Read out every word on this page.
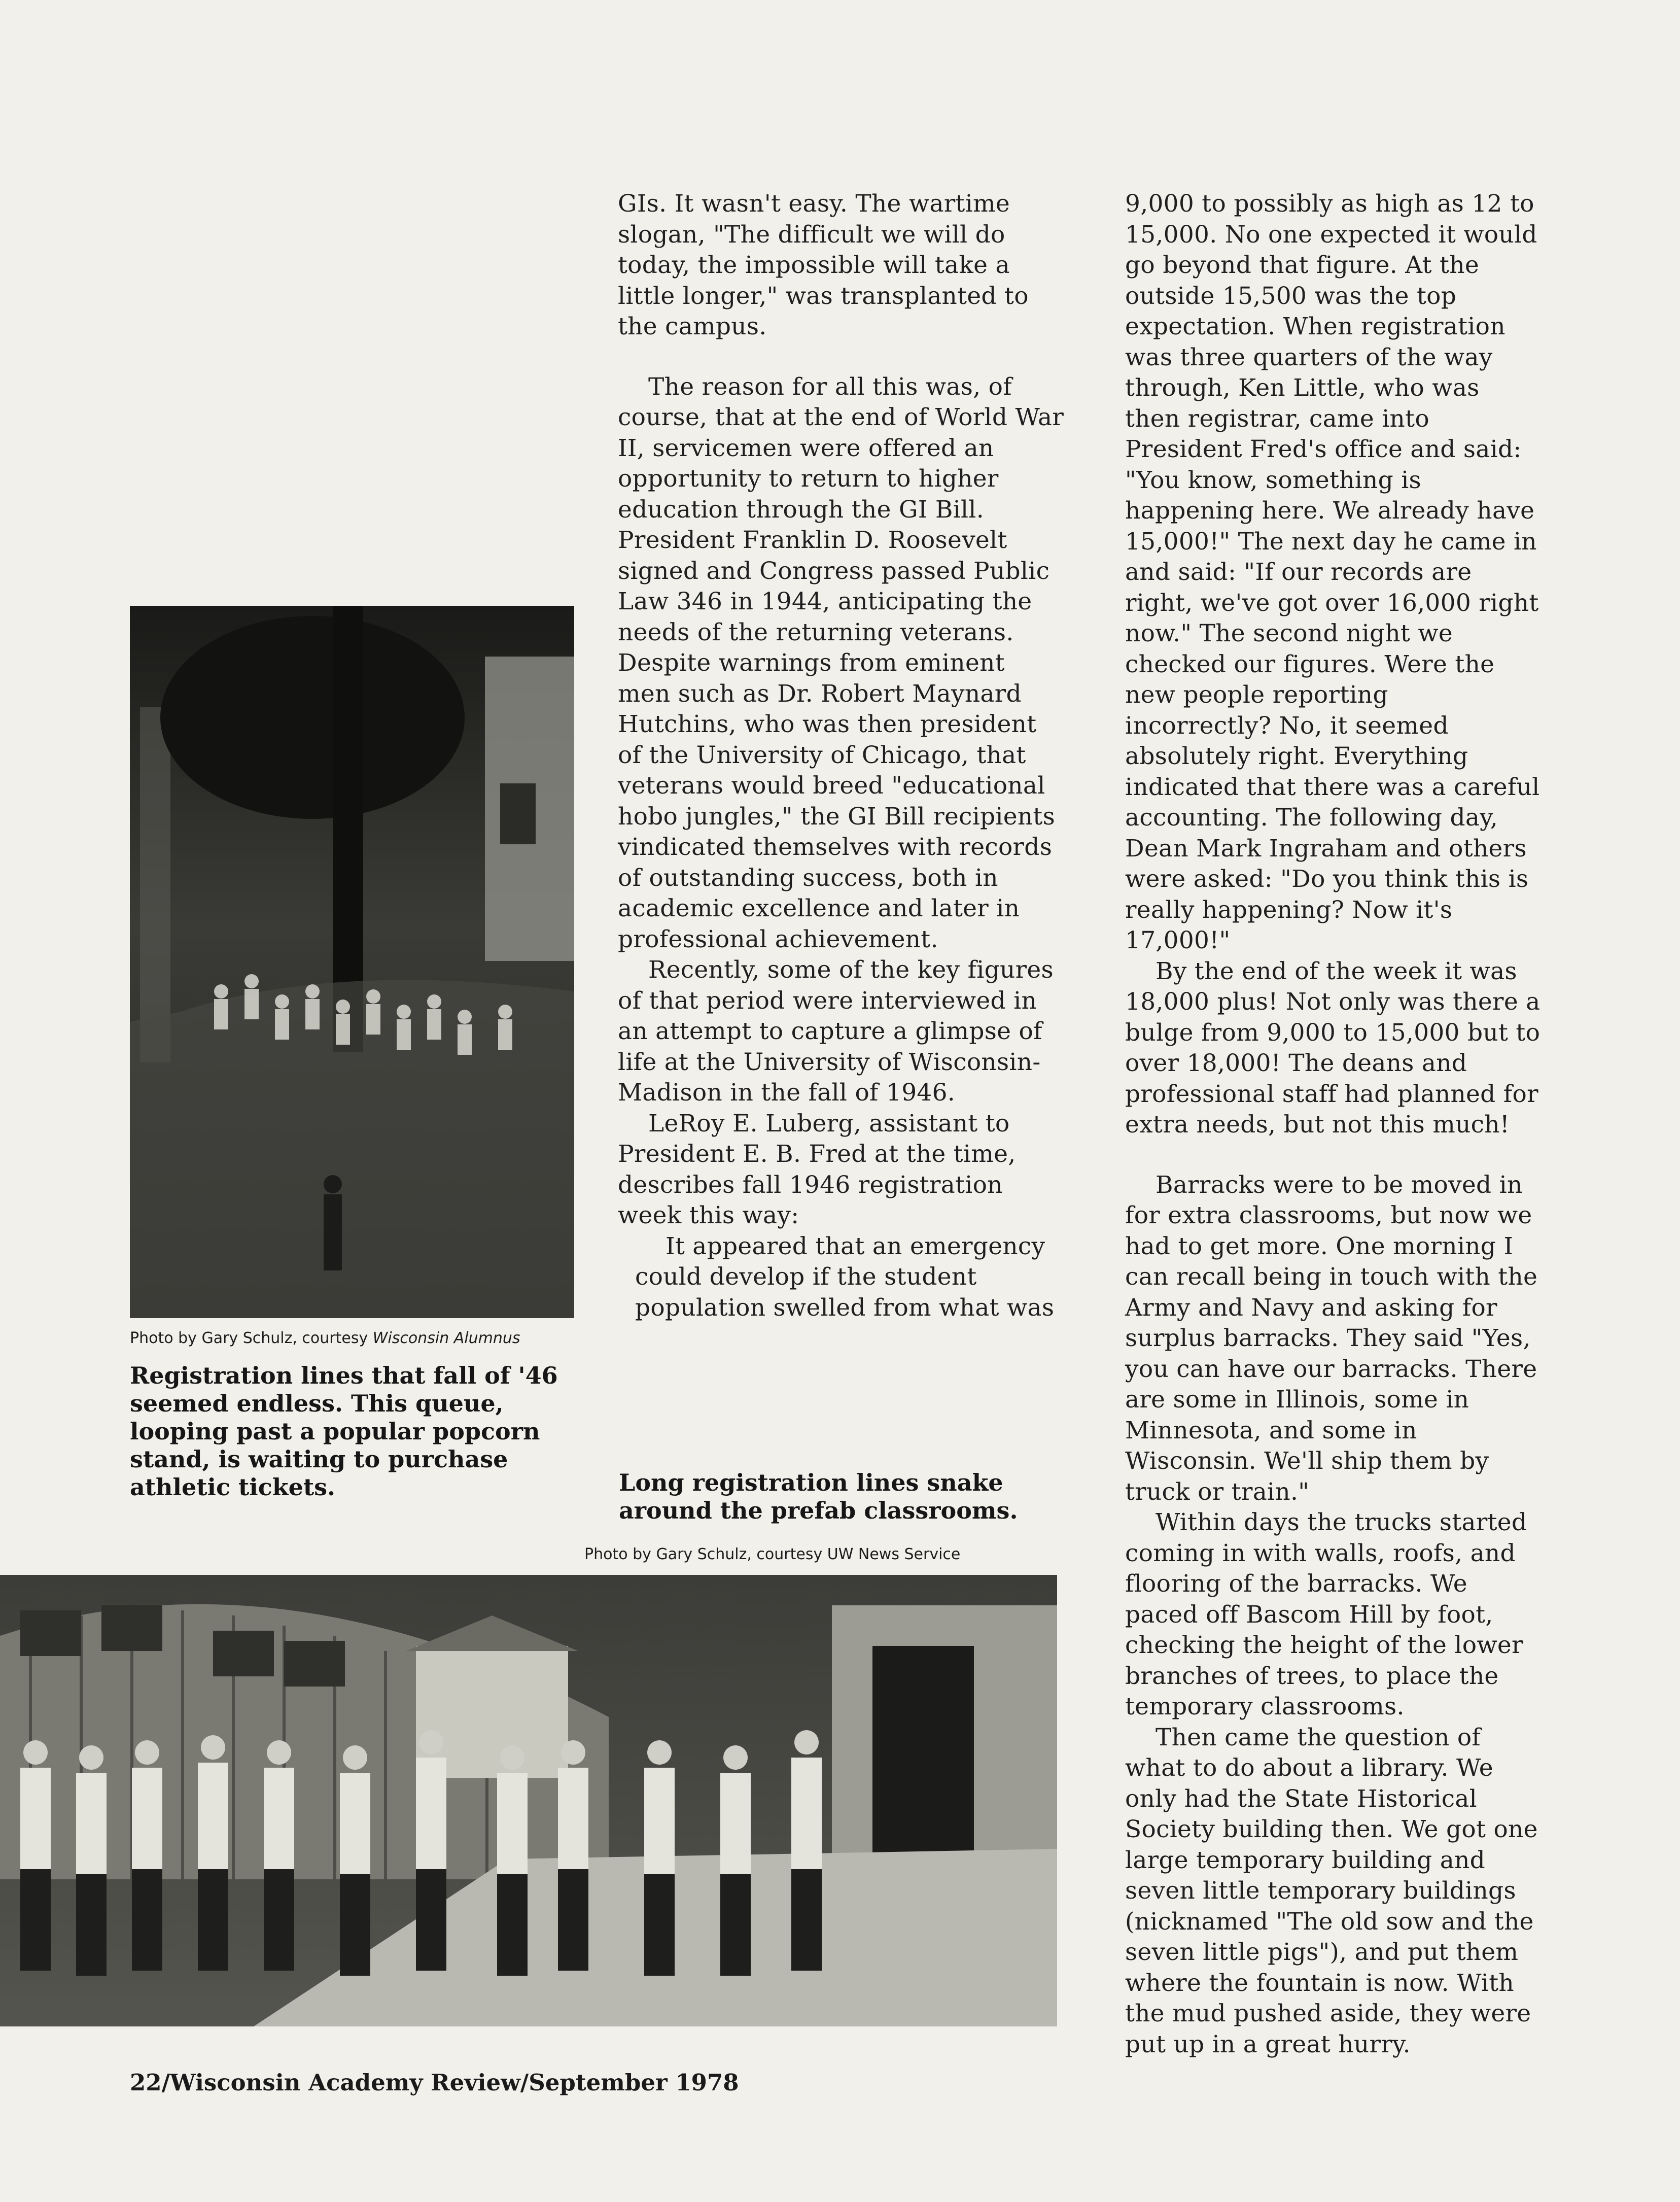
Photo by Gary Schulz, courtesy Wisconsin Alumnus

Registration lines that fall of '46 seemed endless. This queue, looping past a popular popcorn stand, is waiting to purchase athletic tickets.

GIs. It wasn't easy. The wartime slogan, "The difficult we will do today, the impossible will take a little longer," was transplanted to the campus.

The reason for all this was, of course, that at the end of World War II, servicemen were offered an opportunity to return to higher education through the GI Bill. President Franklin D. Roosevelt signed and Congress passed Public Law 346 in 1944, anticipating the needs of the returning veterans. Despite warnings from eminent men such as Dr. Robert Maynard Hutchins, who was then president of the University of Chicago, that veterans would breed "educational hobo jungles," the GI Bill recipients vindicated themselves with records of outstanding success, both in academic excellence and later in professional achievement.

Recently, some of the key figures of that period were interviewed in an attempt to capture a glimpse of life at the University of Wisconsin-Madison in the fall of 1946.

LeRoy E. Luberg, assistant to President E. B. Fred at the time, describes fall 1946 registration week this way:

It appeared that an emergency could develop if the student population swelled from what was

Long registration lines snake around the prefab classrooms.

Photo by Gary Schulz, courtesy UW News Service

9,000 to possibly as high as 12 to 15,000. No one expected it would go beyond that figure. At the outside 15,500 was the top expectation. When registration was three quarters of the way through, Ken Little, who was then registrar, came into President Fred's office and said: "You know, something is happening here. We already have 15,000!" The next day he came in and said: "If our records are right, we've got over 16,000 right now." The second night we checked our figures. Were the new people reporting incorrectly? No, it seemed absolutely right. Everything indicated that there was a careful accounting. The following day, Dean Mark Ingraham and others were asked: "Do you think this is really happening? Now it's 17,000!"

By the end of the week it was 18,000 plus! Not only was there a bulge from 9,000 to 15,000 but to over 18,000! The deans and professional staff had planned for extra needs, but not this much!

Barracks were to be moved in for extra classrooms, but now we had to get more. One morning I can recall being in touch with the Army and Navy and asking for surplus barracks. They said "Yes, you can have our barracks. There are some in Illinois, some in Minnesota, and some in Wisconsin. We'll ship them by truck or train."

Within days the trucks started coming in with walls, roofs, and flooring of the barracks. We paced off Bascom Hill by foot, checking the height of the lower branches of trees, to place the temporary classrooms.

Then came the question of what to do about a library. We only had the State Historical Society building then. We got one large temporary building and seven little temporary buildings (nicknamed "The old sow and the seven little pigs"), and put them where the fountain is now. With the mud pushed aside, they were put up in a great hurry.

22/Wisconsin Academy Review/September 1978
